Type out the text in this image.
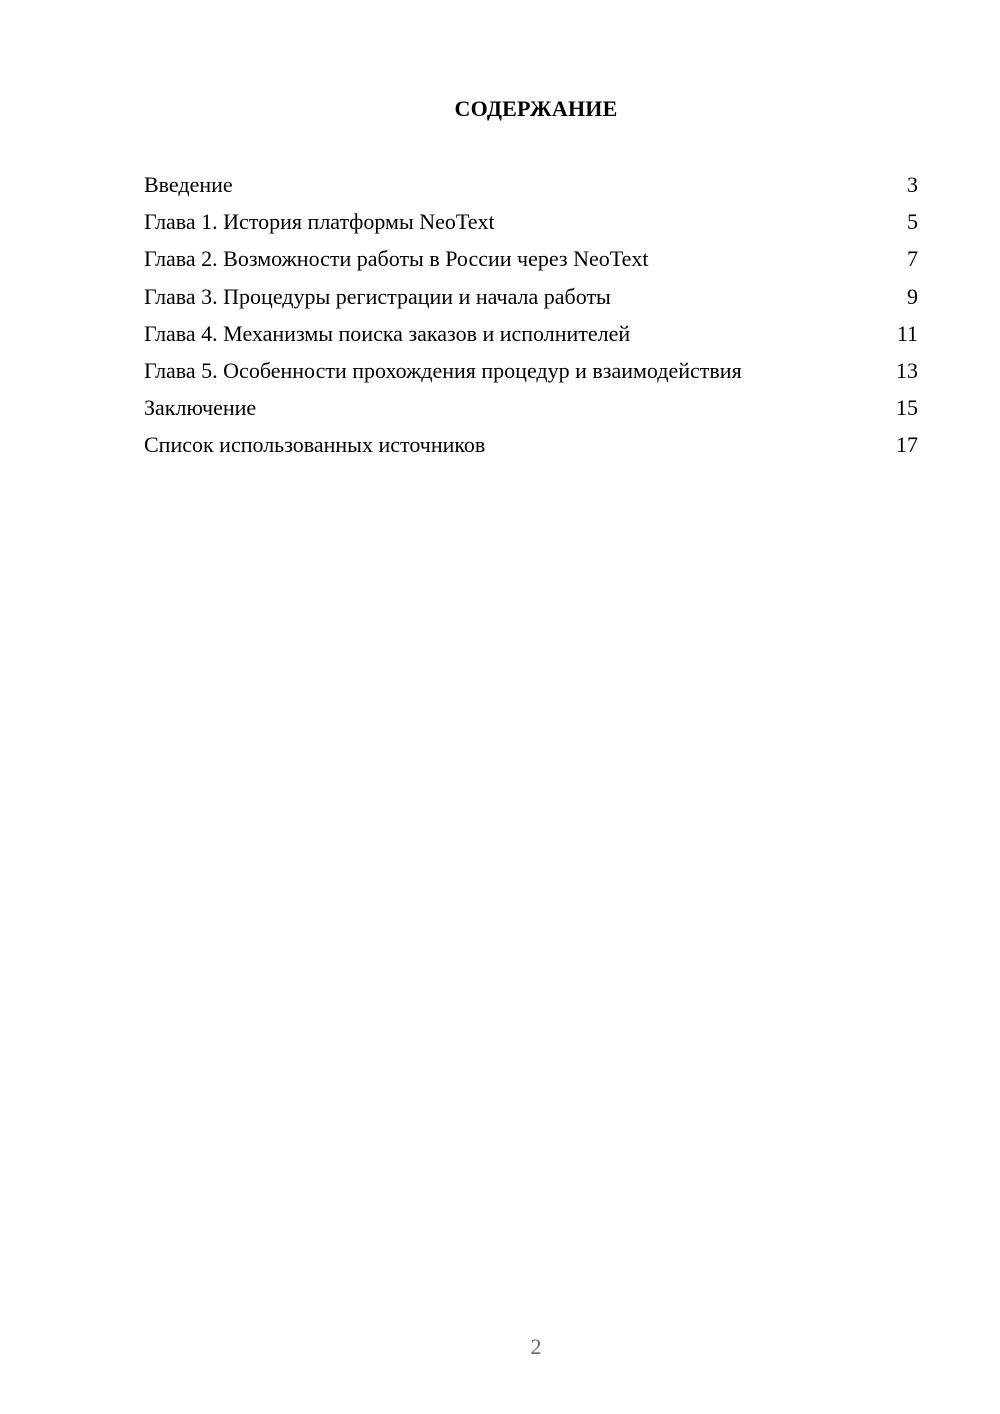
СОДЕРЖАНИЕ
Введение	3
Глава 1. История платформы NeoText	5
Глава 2. Возможности работы в России через NeoText	7
Глава 3. Процедуры регистрации и начала работы	9
Глава 4. Механизмы поиска заказов и исполнителей	11
Глава 5. Особенности прохождения процедур и взаимодействия	13
Заключение	15
Список использованных источников	17
2
